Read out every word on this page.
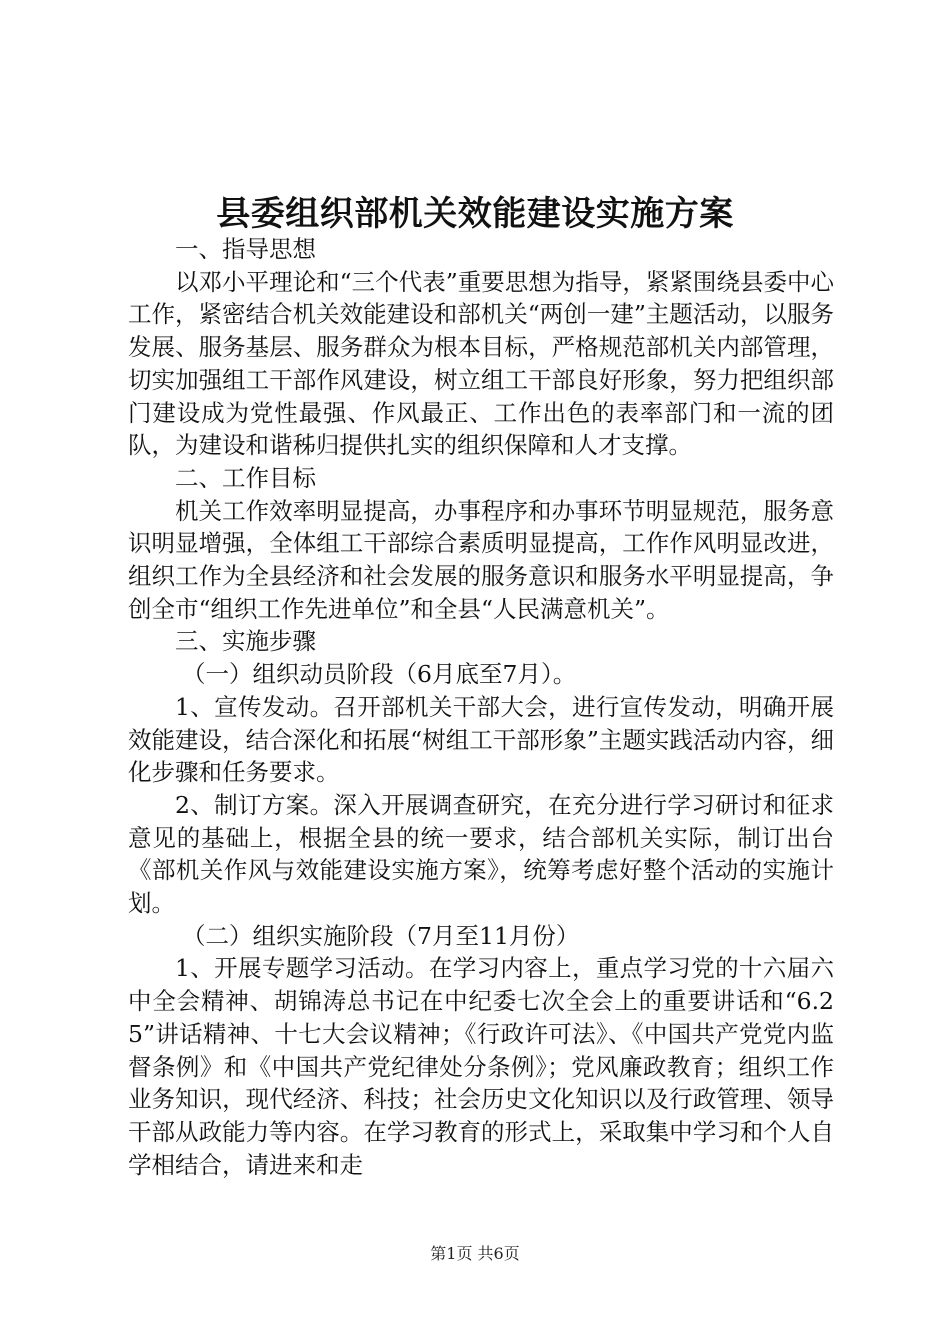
县委组织部机关效能建设实施方案

一、指导思想

以邓小平理论和“三个代表”重要思想为指导，紧紧围绕县委中心工作，紧密结合机关效能建设和部机关“两创一建”主题活动，以服务发展、服务基层、服务群众为根本目标，严格规范部机关内部管理，切实加强组工干部作风建设，树立组工干部良好形象，努力把组织部门建设成为党性最强、作风最正、工作出色的表率部门和一流的团队，为建设和谐秭归提供扎实的组织保障和人才支撑。

二、工作目标

机关工作效率明显提高，办事程序和办事环节明显规范，服务意识明显增强，全体组工干部综合素质明显提高，工作作风明显改进，组织工作为全县经济和社会发展的服务意识和服务水平明显提高，争创全市“组织工作先进单位”和全县“人民满意机关”。

三、实施步骤

（一）组织动员阶段（6月底至7月）。

1、宣传发动。召开部机关干部大会，进行宣传发动，明确开展效能建设，结合深化和拓展“树组工干部形象”主题实践活动内容，细化步骤和任务要求。

2、制订方案。深入开展调查研究，在充分进行学习研讨和征求意见的基础上，根据全县的统一要求，结合部机关实际，制订出台《部机关作风与效能建设实施方案》，统筹考虑好整个活动的实施计划。

（二）组织实施阶段（7月至11月份）

1、开展专题学习活动。在学习内容上，重点学习党的十六届六中全会精神、胡锦涛总书记在中纪委七次全会上的重要讲话和“6.25”讲话精神、十七大会议精神；《行政许可法》、《中国共产党党内监督条例》和《中国共产党纪律处分条例》；党风廉政教育；组织工作业务知识，现代经济、科技；社会历史文化知识以及行政管理、领导干部从政能力等内容。在学习教育的形式上，采取集中学习和个人自学相结合，请进来和走

第1页 共6页
